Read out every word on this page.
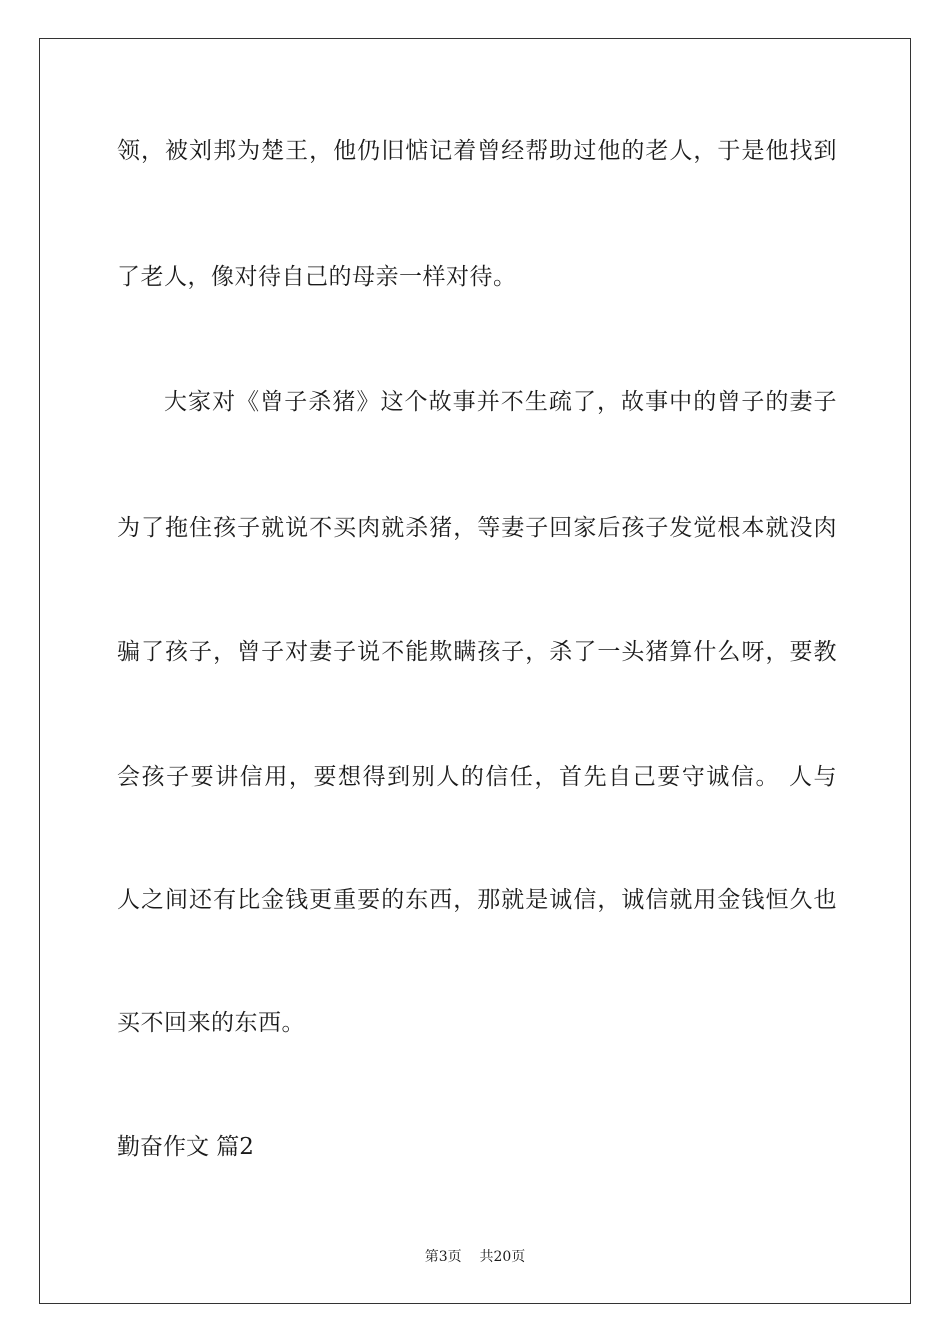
领，被刘邦为楚王，他仍旧惦记着曾经帮助过他的老人，于是他找到
了老人，像对待自己的母亲一样对待。
大家对《曾子杀猪》这个故事并不生疏了，故事中的曾子的妻子
为了拖住孩子就说不买肉就杀猪，等妻子回家后孩子发觉根本就没肉
骗了孩子，曾子对妻子说不能欺瞒孩子，杀了一头猪算什么呀，要教
会孩子要讲信用，要想得到别人的信任，首先自己要守诚信。 人与
人之间还有比金钱更重要的东西，那就是诚信，诚信就用金钱恒久也
买不回来的东西。
勤奋作文 篇2
第3页 共20页
